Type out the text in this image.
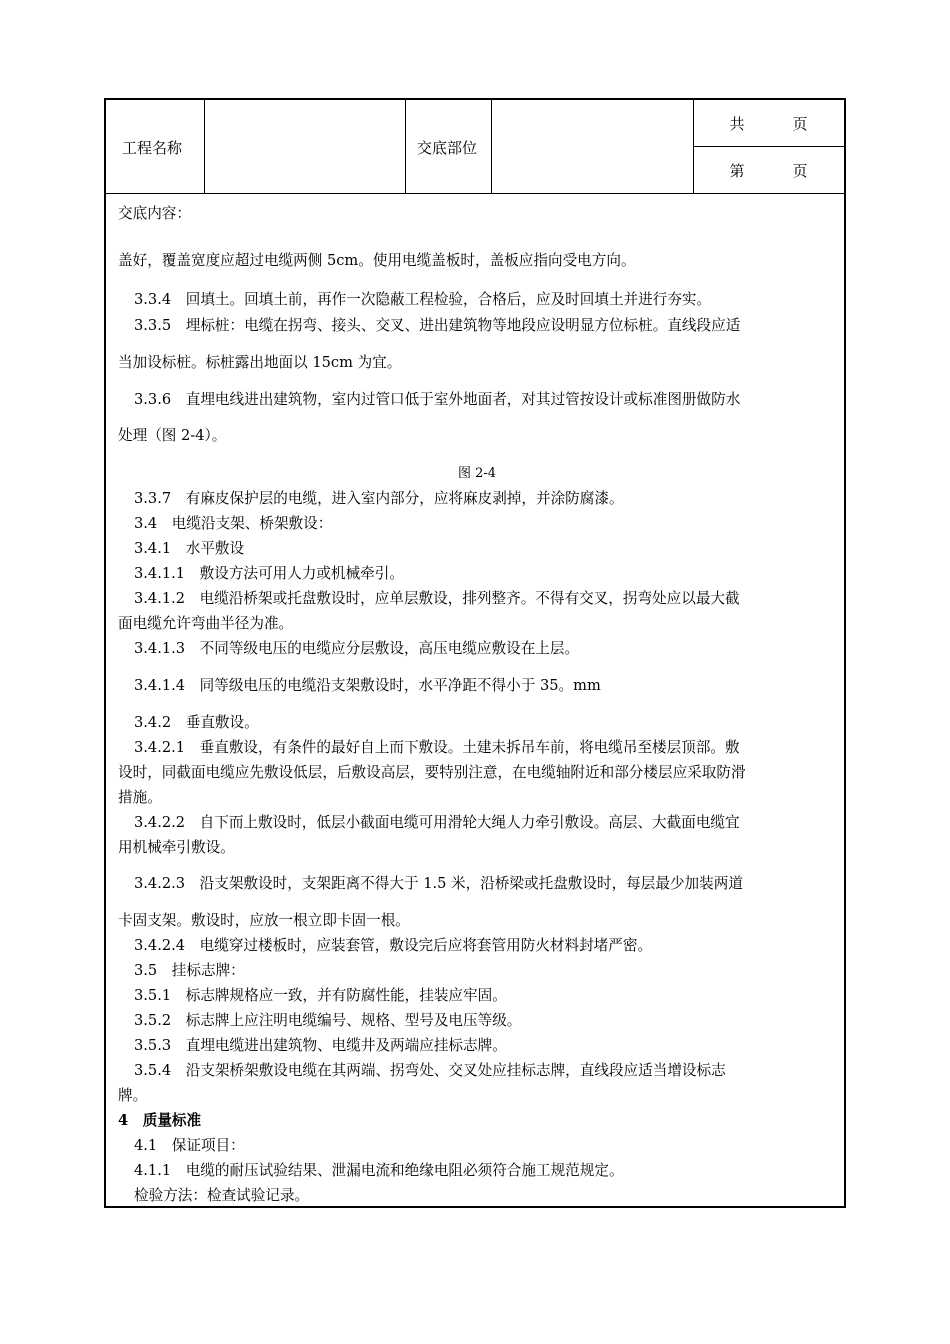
工程名称	交底部位
共	页
第	页
交底内容：
盖好，覆盖宽度应超过电缆两侧 5cm。使用电缆盖板时，盖板应指向受电方向。
3.3.4　回填土。回填土前，再作一次隐蔽工程检验，合格后，应及时回填土并进行夯实。
3.3.5　埋标桩：电缆在拐弯、接头、交叉、进出建筑物等地段应设明显方位标桩。直线段应适
当加设标桩。标桩露出地面以 15cm 为宜。
3.3.6　直埋电线进出建筑物，室内过管口低于室外地面者，对其过管按设计或标准图册做防水
处理（图 2-4）。
图 2-4
3.3.7　有麻皮保护层的电缆，进入室内部分，应将麻皮剥掉，并涂防腐漆。
3.4　电缆沿支架、桥架敷设：
3.4.1　水平敷设
3.4.1.1　敷设方法可用人力或机械牵引。
3.4.1.2　电缆沿桥架或托盘敷设时，应单层敷设，排列整齐。不得有交叉，拐弯处应以最大截
面电缆允许弯曲半径为准。
3.4.1.3　不同等级电压的电缆应分层敷设，高压电缆应敷设在上层。
3.4.1.4　同等级电压的电缆沿支架敷设时，水平净距不得小于 35。mm
3.4.2　垂直敷设。
3.4.2.1　垂直敷设，有条件的最好自上而下敷设。土建未拆吊车前，将电缆吊至楼层顶部。敷
设时，同截面电缆应先敷设低层，后敷设高层，要特别注意，在电缆轴附近和部分楼层应采取防滑
措施。
3.4.2.2　自下而上敷设时，低层小截面电缆可用滑轮大绳人力牵引敷设。高层、大截面电缆宜
用机械牵引敷设。
3.4.2.3　沿支架敷设时，支架距离不得大于 1.5 米，沿桥梁或托盘敷设时，每层最少加装两道
卡固支架。敷设时，应放一根立即卡固一根。
3.4.2.4　电缆穿过楼板时，应装套管，敷设完后应将套管用防火材料封堵严密。
3.5　挂标志牌：
3.5.1　标志牌规格应一致，并有防腐性能，挂装应牢固。
3.5.2　标志牌上应注明电缆编号、规格、型号及电压等级。
3.5.3　直埋电缆进出建筑物、电缆井及两端应挂标志牌。
3.5.4　沿支架桥架敷设电缆在其两端、拐弯处、交叉处应挂标志牌，直线段应适当增设标志
牌。
4　质量标准
4.1　保证项目：
4.1.1　电缆的耐压试验结果、泄漏电流和绝缘电阻必须符合施工规范规定。
检验方法：检查试验记录。
